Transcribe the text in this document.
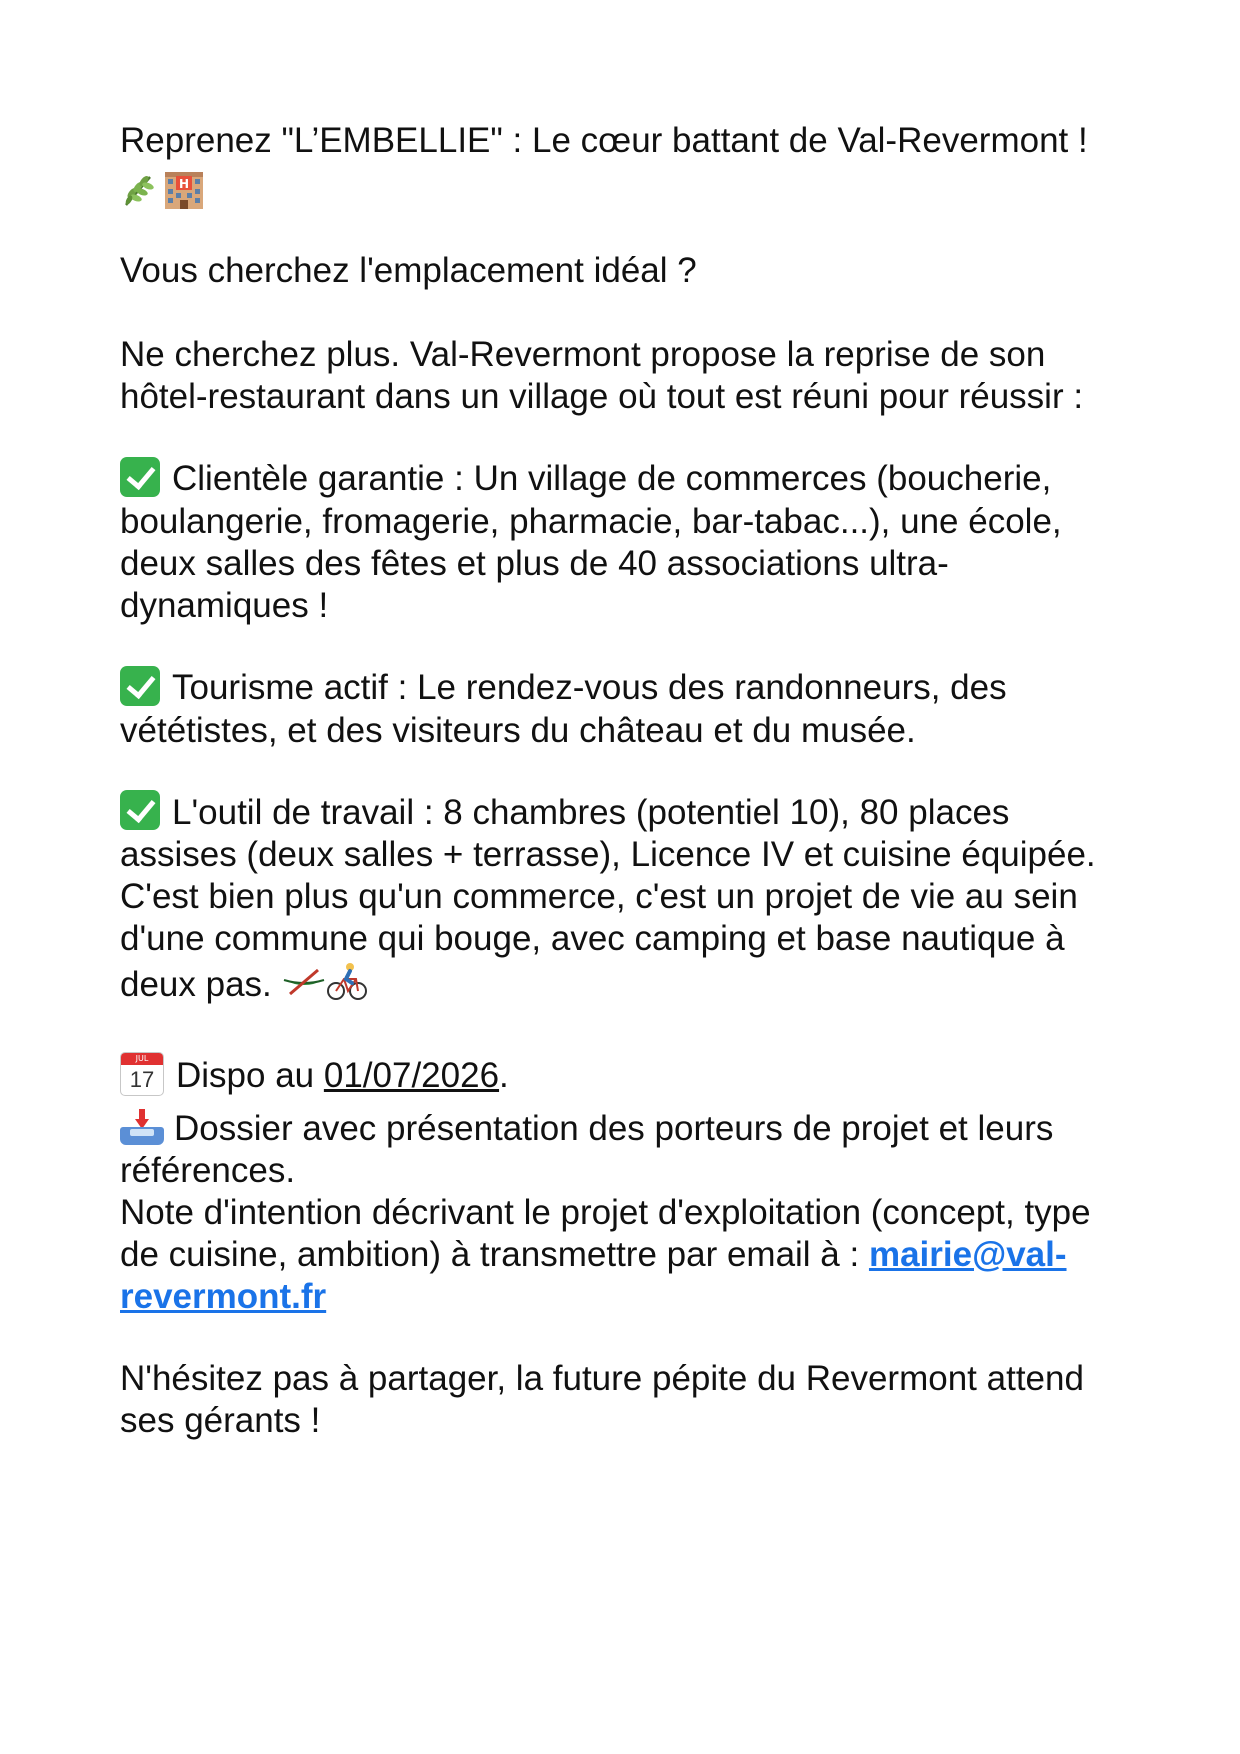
Reprenez "L’EMBELLIE" : Le cœur battant de Val-Revermont !

H

Vous cherchez l'emplacement idéal ?

Ne cherchez plus. Val-Revermont propose la reprise de son
hôtel-restaurant dans un village où tout est réuni pour réussir :

Clientèle garantie : Un village de commerces (boucherie,
boulangerie, fromagerie, pharmacie, bar-tabac...), une école,
deux salles des fêtes et plus de 40 associations ultra-
dynamiques !
Tourisme actif : Le rendez-vous des randonneurs, des
vététistes, et des visiteurs du château et du musée.
L'outil de travail : 8 chambres (potentiel 10), 80 places
assises (deux salles + terrasse), Licence IV et cuisine équipée.
C'est bien plus qu'un commerce, c'est un projet de vie au sein
d'une commune qui bouge, avec camping et base nautique à
deux pas.
JUL
17 Dispo au 01/07/2026.
Dossier avec présentation des porteurs de projet et leurs
références.
Note d'intention décrivant le projet d'exploitation (concept, type
de cuisine, ambition) à transmettre par email à : mairie@val-
revermont.fr

N'hésitez pas à partager, la future pépite du Revermont attend
ses gérants !
